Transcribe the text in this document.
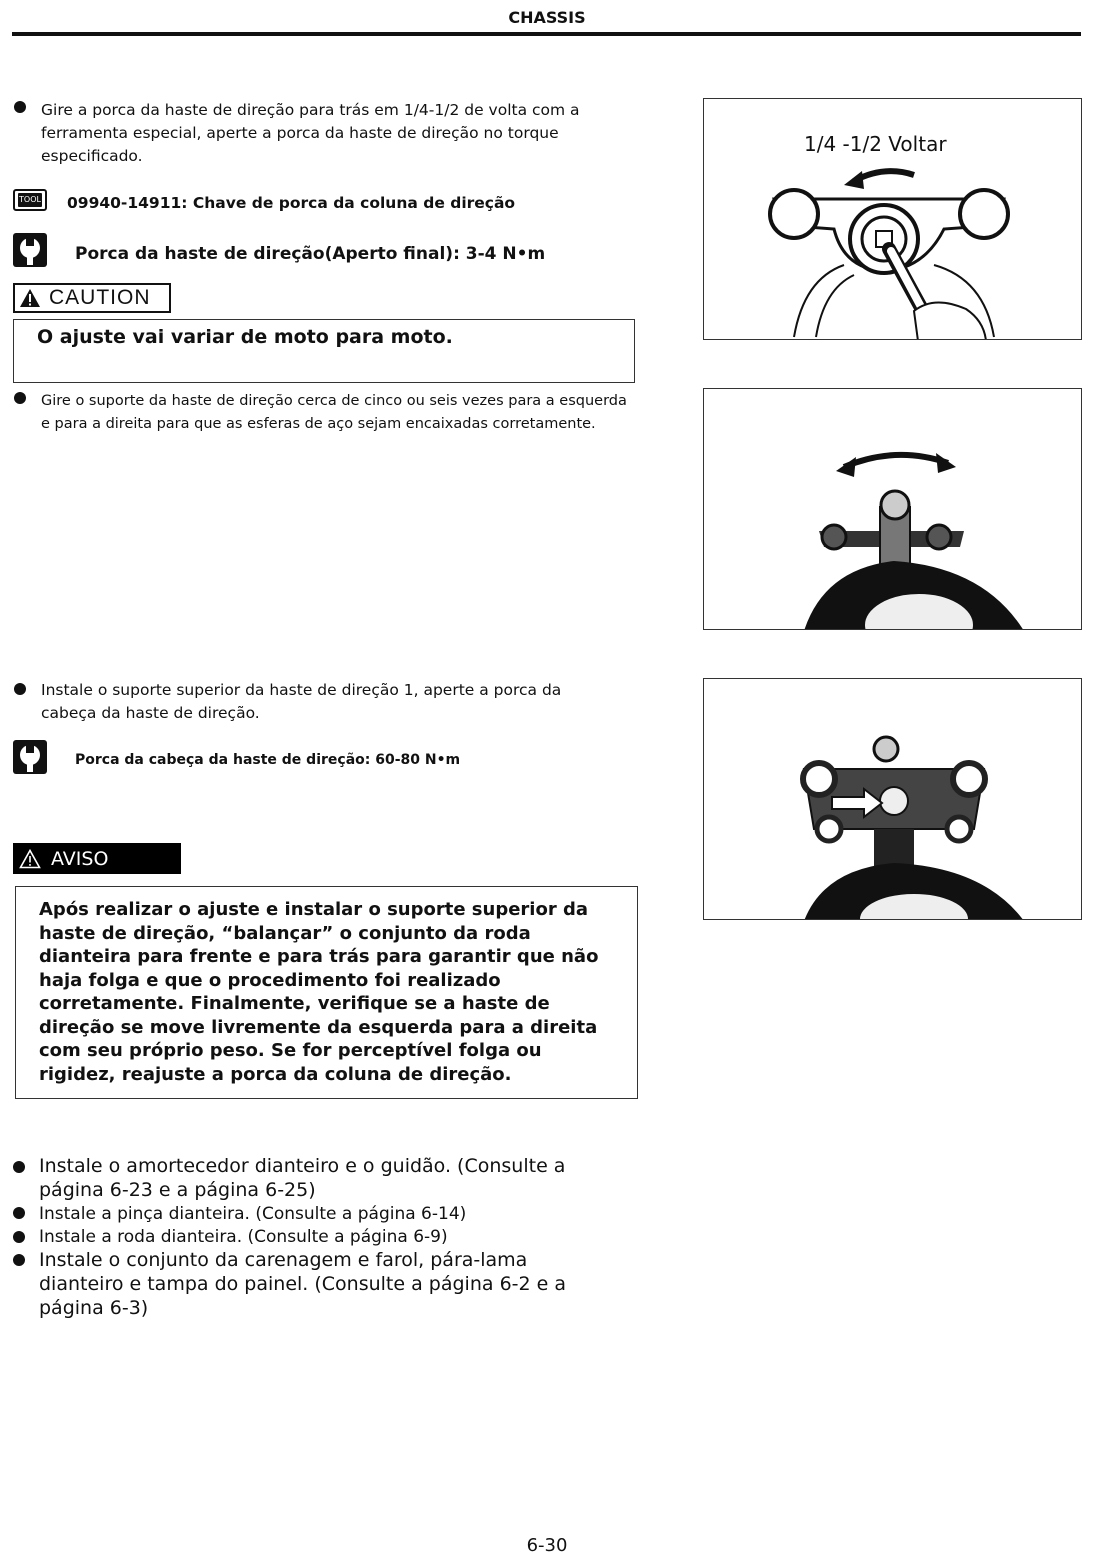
CHASSIS
Gire a porca da haste de direção para trás em 1/4-1/2 de volta com a ferramenta especial, aperte a porca da haste de direção no torque especificado.
TOOL 09940-14911: Chave de porca da coluna de direção
Porca da haste de direção(Aperto final): 3-4 N•m
CAUTION
O ajuste vai variar de moto para moto.
Gire o suporte da haste de direção cerca de cinco ou seis vezes para a esquerda e para a direita para que as esferas de aço sejam encaixadas corretamente.
Instale o suporte superior da haste de direção 1, aperte a porca da cabeça da haste de direção.
Porca da cabeça da haste de direção: 60-80 N•m
AVISO
Após realizar o ajuste e instalar o suporte superior da haste de direção, “balançar” o conjunto da roda dianteira para frente e para trás para garantir que não haja folga e que o procedimento foi realizado corretamente. Finalmente, verifique se a haste de direção se move livremente da esquerda para a direita com seu próprio peso. Se for perceptível folga ou rigidez, reajuste a porca da coluna de direção.
Instale o amortecedor dianteiro e o guidão. (Consulte a página 6-23 e a página 6-25)
Instale a pinça dianteira. (Consulte a página 6-14)
Instale a roda dianteira. (Consulte a página 6-9)
Instale o conjunto da carenagem e farol, pára-lama dianteiro e tampa do painel. (Consulte a página 6-2 e a página 6-3)
1/4 -1/2 Voltar
6-30
